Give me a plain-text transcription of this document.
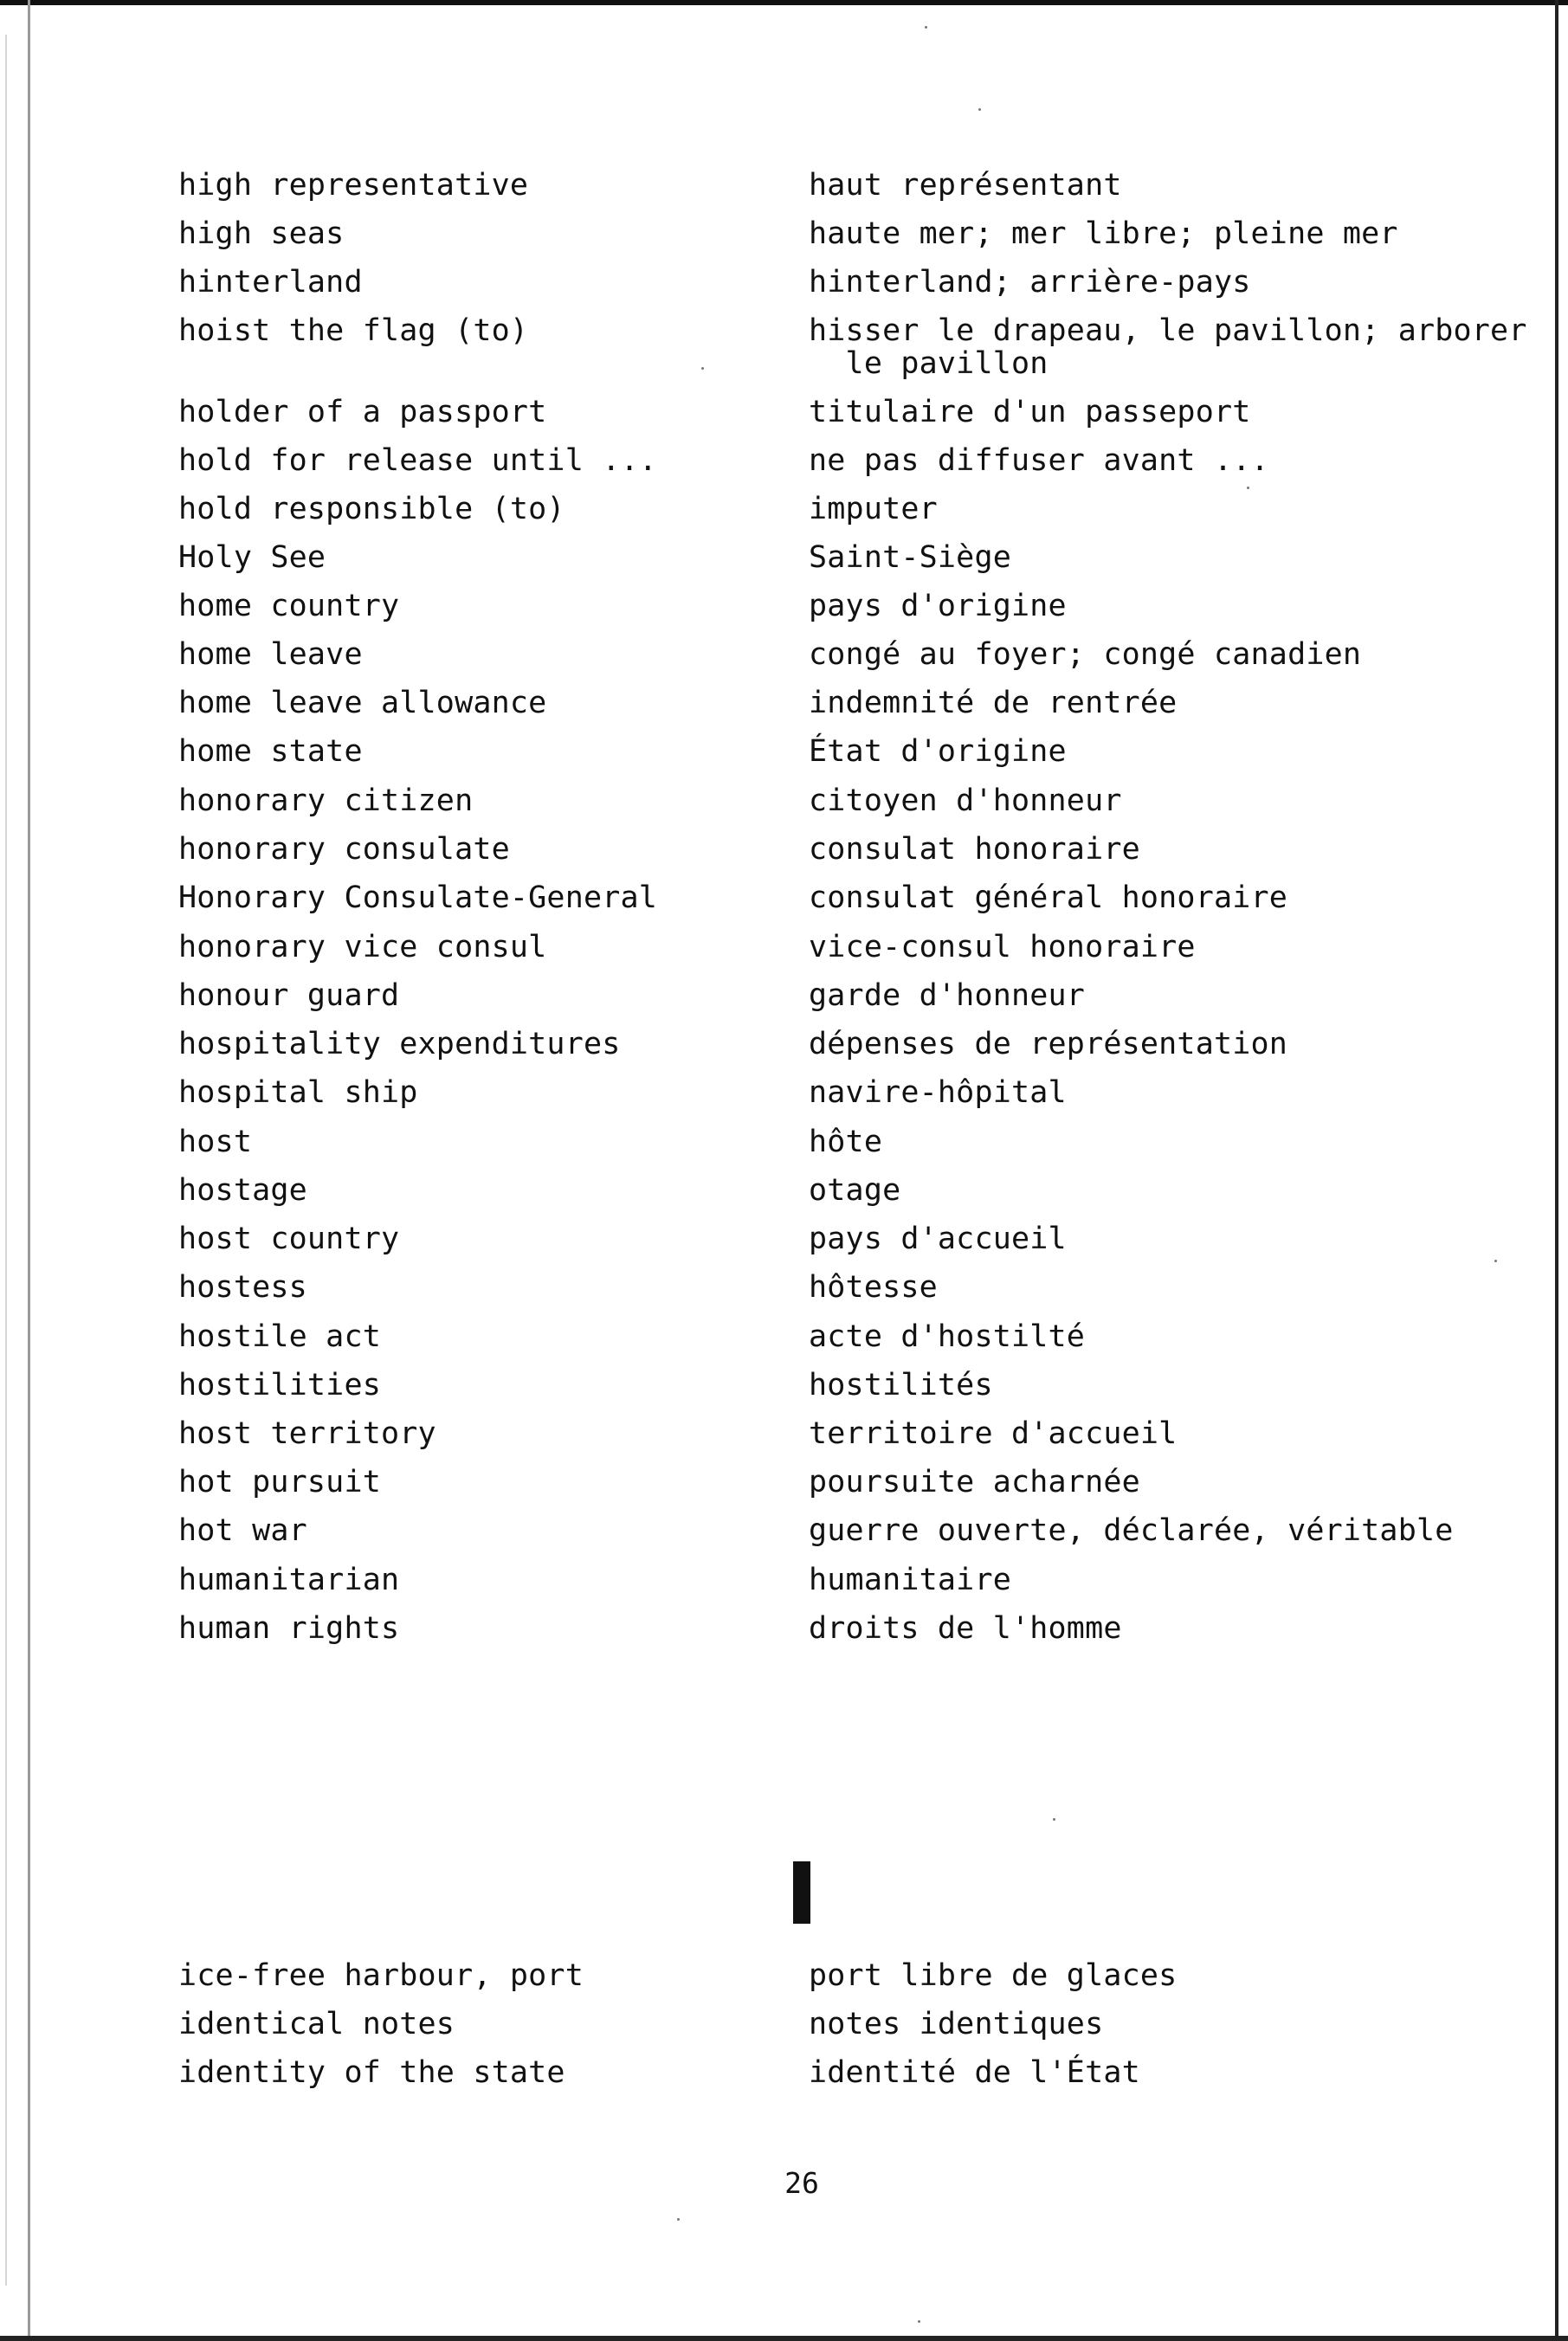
high representative	haut représentant
high seas	haute mer; mer libre; pleine mer
hinterland	hinterland; arrière-pays
hoist the flag (to)	hisser le drapeau, le pavillon; arborer
le pavillon
holder of a passport	titulaire d'un passeport
hold for release until ...	ne pas diffuser avant ...
hold responsible (to)	imputer
Holy See	Saint-Siège
home country	pays d'origine
home leave	congé au foyer; congé canadien
home leave allowance	indemnité de rentrée
home state	État d'origine
honorary citizen	citoyen d'honneur
honorary consulate	consulat honoraire
Honorary Consulate-General	consulat général honoraire
honorary vice consul	vice-consul honoraire
honour guard	garde d'honneur
hospitality expenditures	dépenses de représentation
hospital ship	navire-hôpital
host	hôte
hostage	otage
host country	pays d'accueil
hostess	hôtesse
hostile act	acte d'hostilté
hostilities	hostilités
host territory	territoire d'accueil
hot pursuit	poursuite acharnée
hot war	guerre ouverte, déclarée, véritable
humanitarian	humanitaire
human rights	droits de l'homme
ice-free harbour, port	port libre de glaces
identical notes	notes identiques
identity of the state	identité de l'État
26
